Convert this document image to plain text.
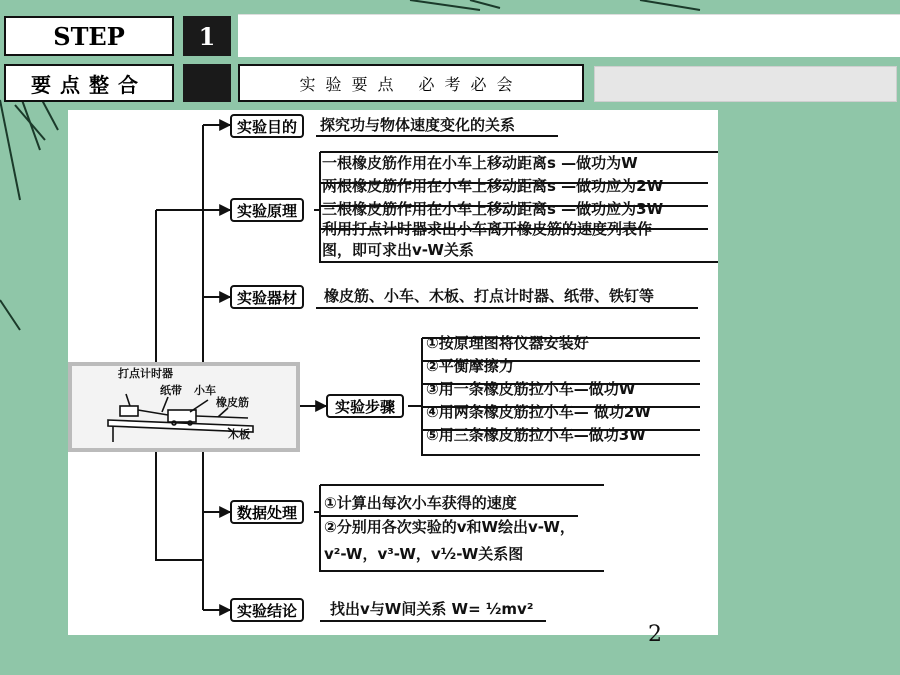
STEP	1
要点整合	实验要点 必考必会
实验目的	探究功与物体速度变化的关系
实验原理
一根橡皮筋作用在小车上移动距离s —做功为W
两根橡皮筋作用在小车上移动距离s —做功应为2W
三根橡皮筋作用在小车上移动距离s —做功应为3W
利用打点计时器求出小车离开橡皮筋的速度列表作
图，即可求出v-W关系
实验器材	橡皮筋、小车、木板、打点计时器、纸带、铁钉等
打点计时器
纸带 小车
橡皮筋
木板
实验步骤
①按原理图将仪器安装好
②平衡摩擦力
③用一条橡皮筋拉小车—做功W
④用两条橡皮筋拉小车— 做功2W
⑤用三条橡皮筋拉小车—做功3W
数据处理
①计算出每次小车获得的速度
②分别用各次实验的v和W绘出v-W，
v²-W，v³-W，v½-W关系图
实验结论	找出v与W间关系 W= ½mv²
2
